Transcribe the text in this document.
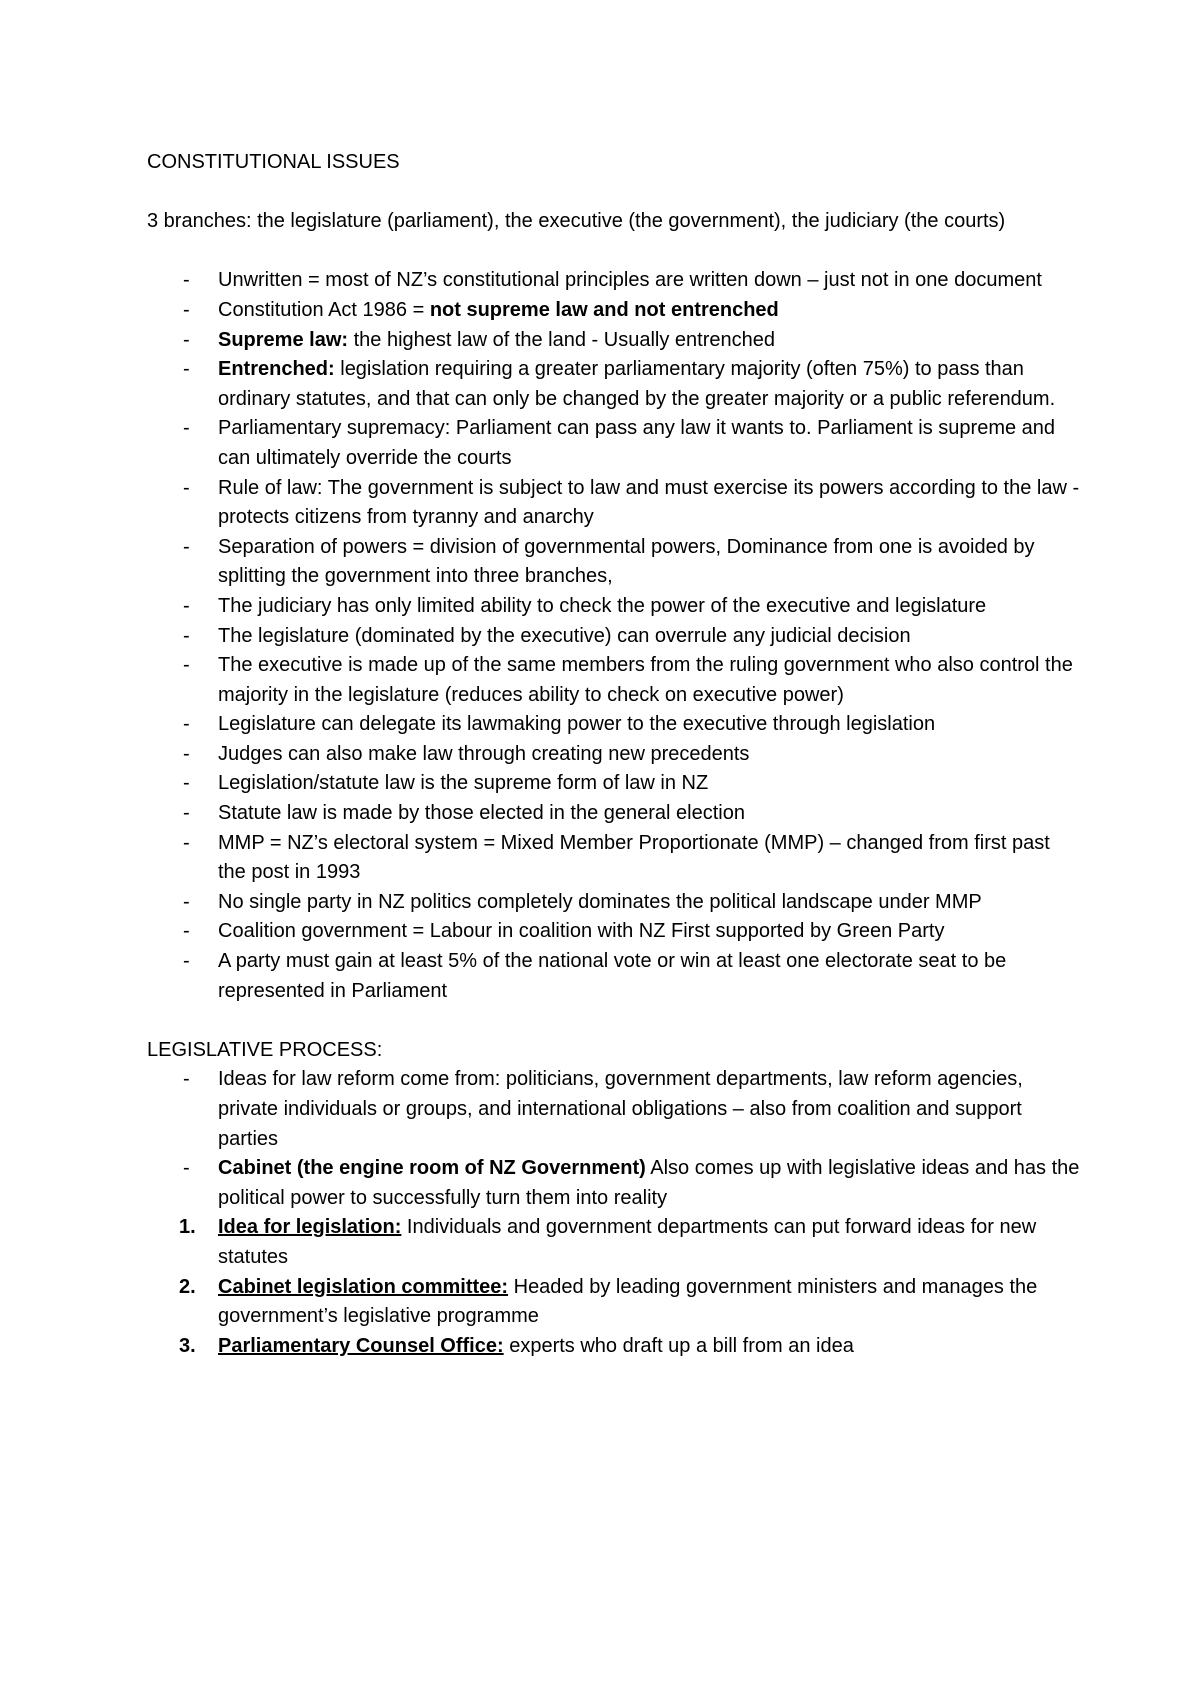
CONSTITUTIONAL ISSUES

3 branches: the legislature (parliament), the executive (the government), the judiciary (the courts)

- Unwritten = most of NZ’s constitutional principles are written down – just not in one document
- Constitution Act 1986 = not supreme law and not entrenched
- Supreme law: the highest law of the land - Usually entrenched
- Entrenched: legislation requiring a greater parliamentary majority (often 75%) to pass than ordinary statutes, and that can only be changed by the greater majority or a public referendum.
- Parliamentary supremacy: Parliament can pass any law it wants to. Parliament is supreme and can ultimately override the courts
- Rule of law: The government is subject to law and must exercise its powers according to the law - protects citizens from tyranny and anarchy
- Separation of powers = division of governmental powers, Dominance from one is avoided by splitting the government into three branches,
- The judiciary has only limited ability to check the power of the executive and legislature
- The legislature (dominated by the executive) can overrule any judicial decision
- The executive is made up of the same members from the ruling government who also control the majority in the legislature (reduces ability to check on executive power)
- Legislature can delegate its lawmaking power to the executive through legislation
- Judges can also make law through creating new precedents
- Legislation/statute law is the supreme form of law in NZ
- Statute law is made by those elected in the general election
- MMP = NZ’s electoral system = Mixed Member Proportionate (MMP) – changed from first past the post in 1993
- No single party in NZ politics completely dominates the political landscape under MMP
- Coalition government = Labour in coalition with NZ First supported by Green Party
- A party must gain at least 5% of the national vote or win at least one electorate seat to be represented in Parliament

LEGISLATIVE PROCESS:

- Ideas for law reform come from: politicians, government departments, law reform agencies, private individuals or groups, and international obligations – also from coalition and support parties
- Cabinet (the engine room of NZ Government) Also comes up with legislative ideas and has the political power to successfully turn them into reality
1. Idea for legislation: Individuals and government departments can put forward ideas for new statutes
2. Cabinet legislation committee: Headed by leading government ministers and manages the government’s legislative programme
3. Parliamentary Counsel Office: experts who draft up a bill from an idea
